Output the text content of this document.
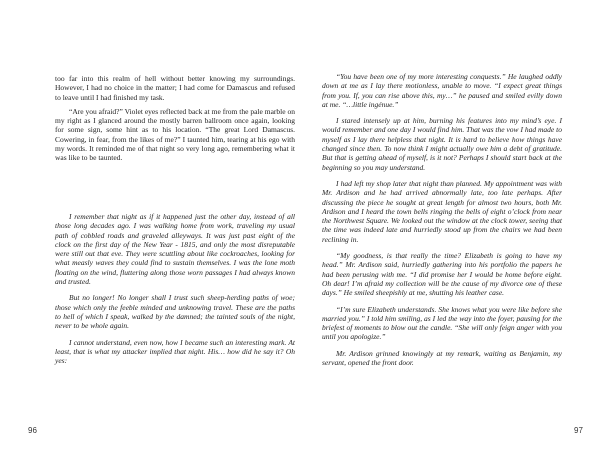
too far into this realm of hell without better knowing my surroundings. However, I had no choice in the matter; I had come for Damascus and refused to leave until I had finished my task.

“Are you afraid?” Violet eyes reflected back at me from the pale marble on my right as I glanced around the mostly barren ballroom once again, looking for some sign, some hint as to his location. “The great Lord Damascus. Cowering, in fear, from the likes of me?” I taunted him, tearing at his ego with my words. It reminded me of that night so very long ago, remembering what it was like to be taunted.

I remember that night as if it happened just the other day, instead of all those long decades ago. I was walking home from work, traveling my usual path of cobbled roads and graveled alleyways. It was just past eight of the clock on the first day of the New Year - 1815, and only the most disreputable were still out that eve. They were scuttling about like cockroaches, looking for what measly waves they could find to sustain themselves. I was the lone moth floating on the wind, fluttering along those worn passages I had always known and trusted.

But no longer! No longer shall I trust such sheep-herding paths of woe; those which only the feeble minded and unknowing travel. These are the paths to hell of which I speak, walked by the damned; the tainted souls of the night, never to be whole again.

I cannot understand, even now, how I became such an interesting mark. At least, that is what my attacker implied that night. His… how did he say it? Oh yes:

96

“You have been one of my more interesting conquests.” He laughed oddly down at me as I lay there motionless, unable to move. “I expect great things from you. If, you can rise above this, my…” he paused and smiled evilly down at me. “…little ingénue.”

I stared intensely up at him, burning his features into my mind’s eye. I would remember and one day I would find him. That was the vow I had made to myself as I lay there helpless that night. It is hard to believe how things have changed since then. To now think I might actually owe him a debt of gratitude. But that is getting ahead of myself, is it not? Perhaps I should start back at the beginning so you may understand.

I had left my shop later that night than planned. My appointment was with Mr. Ardison and he had arrived abnormally late, too late perhaps. After discussing the piece he sought at great length for almost two hours, both Mr. Ardison and I heard the town bells ringing the bells of eight o’clock from near the Northwest Square. We looked out the window at the clock tower, seeing that the time was indeed late and hurriedly stood up from the chairs we had been reclining in.

“My goodness, is that really the time? Elizabeth is going to have my head.” Mr. Ardison said, hurriedly gathering into his portfolio the papers he had been perusing with me. “I did promise her I would be home before eight. Oh dear! I’m afraid my collection will be the cause of my divorce one of these days.” He smiled sheepishly at me, shutting his leather case.

“I’m sure Elizabeth understands. She knows what you were like before she married you.” I told him smiling, as I led the way into the foyer, pausing for the briefest of moments to blow out the candle. “She will only feign anger with you until you apologize.”

Mr. Ardison grinned knowingly at my remark, waiting as Benjamin, my servant, opened the front door.

97
